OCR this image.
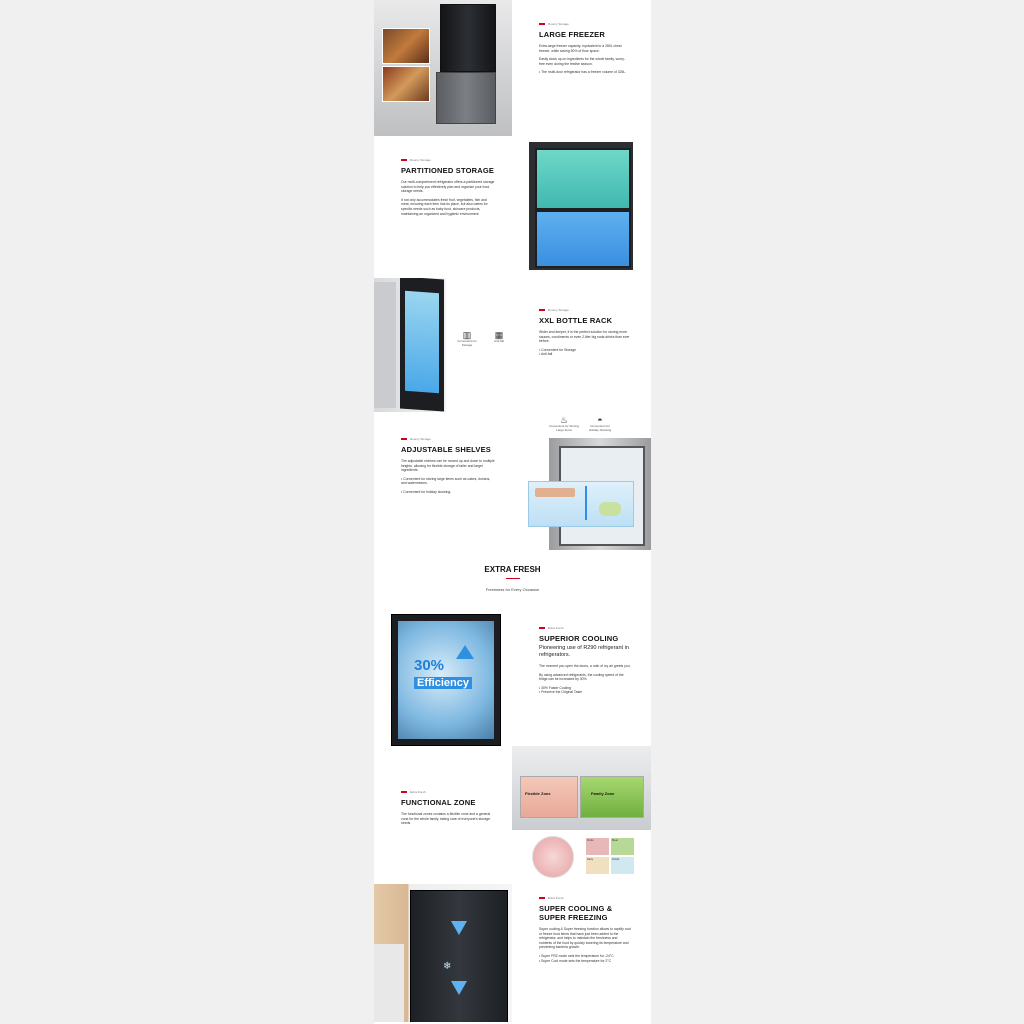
Roomy Storage
LARGE FREEZER

Extra-large freezer capacity, equivalent to a 280L chest freezer, while saving 50% of floor space.

Easily stock up on ingredients for the whole family, worry-free even during the festive season.

• The multi-door refrigerator has a freezer volume of 325L.
Roomy Storage
PARTITIONED STORAGE

Our multi-compartment refrigerator offers a partitioned storage solution to help you effectively plan and organize your food storage needs.

It not only accommodates fresh fruit, vegetables, fish and meat, ensuring each item has its place, but also caters for specific needs such as baby food, skincare products, maintaining an organized and hygienic environment.

▥
Convenient for Storage
▦
Anti-fall
Roomy Storage
XXL BOTTLE RACK

Wider and deeper, it is the perfect solution for storing more sauces, condiments or even 2-liter big soda drinks than ever before.

• Convenient for Storage
• Anti-fall
♨
Convenient for Storing Large Items
◓
Convenient for Holiday Stocking
Roomy Storage
ADJUSTABLE SHELVES

The adjustable shelves can be moved up and down to multiple heights, allowing for flexible storage of taller and larger ingredients.

• Convenient for storing large items such as cakes, durians, and watermelons.
• Convenient for holiday stocking.
EXTRA FRESH
Freshness for Every Occasion
30%
Efficiency
Extra Fresh
SUPERIOR COOLING
Pioneering use of R290 refrigerant in refrigerators.

The moment you open the doors, a rush of icy air greets you.

By using advanced refrigerants, the cooling speed of the fridge can be increased by 30%.

• 30% Faster Cooling
• Preserve the Original Taste
Extra Fresh
FUNCTIONAL ZONE

The functional zones contains a flexible zone and a general zone for the whole family, taking care of everyone's storage needs.

Flexible Zone	Family Zone
Fruits	Meat
Dairy	Drinks
❄
Extra Fresh
SUPER COOLING &
SUPER FREEZING

Super cooling & Super freezing function allows to rapidly cool or freeze food items that have just been added to the refrigerator, and helps to maintain the freshness and nutrients of the food by quickly lowering its temperature and preventing bacteria growth.

• Super FRZ mode sets the temperature for -24°C
• Super Cool mode sets the temperature for 2°C
